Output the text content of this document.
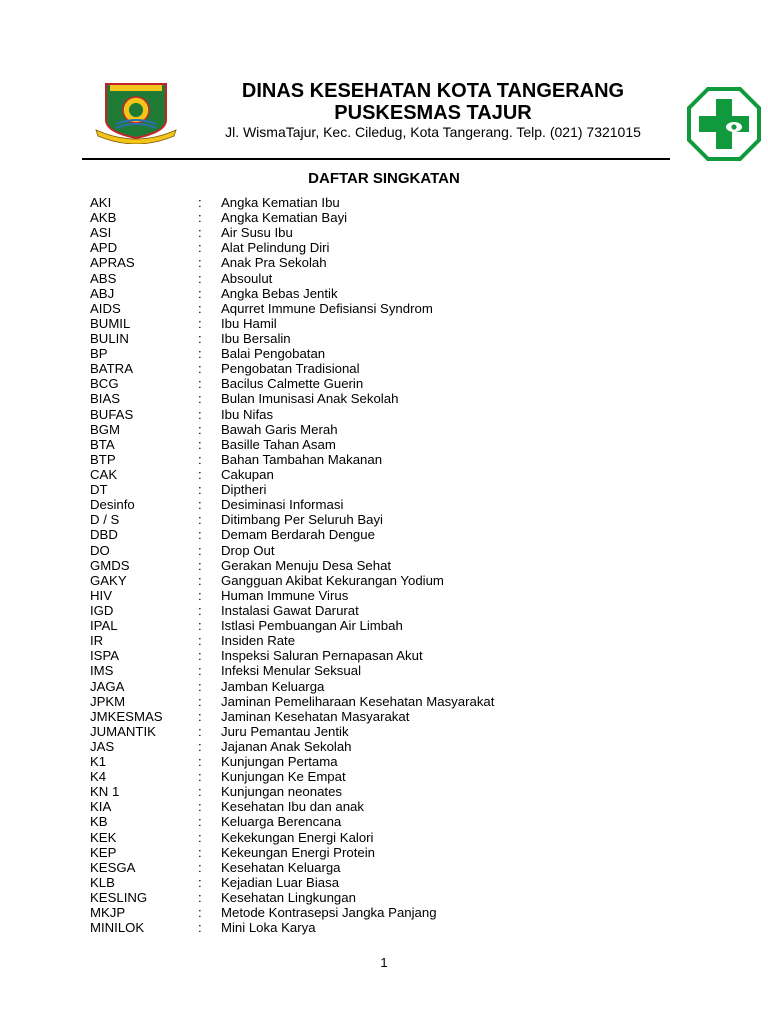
DINAS KESEHATAN KOTA TANGERANG
PUSKESMAS TAJUR
Jl. WismaTajur, Kec. Ciledug, Kota Tangerang. Telp. (021) 7321015
DAFTAR SINGKATAN
AKI	: Angka Kematian Ibu
AKB	: Angka Kematian Bayi
ASI	: Air Susu Ibu
APD	: Alat Pelindung Diri
APRAS	: Anak Pra Sekolah
ABS	: Absoulut
ABJ	: Angka Bebas Jentik
AIDS	: Aqurret Immune Defisiansi Syndrom
BUMIL	: Ibu Hamil
BULIN	: Ibu Bersalin
BP	: Balai Pengobatan
BATRA	: Pengobatan Tradisional
BCG	: Bacilus Calmette Guerin
BIAS	: Bulan Imunisasi Anak Sekolah
BUFAS	: Ibu Nifas
BGM	: Bawah Garis Merah
BTA	: Basille Tahan Asam
BTP	: Bahan Tambahan Makanan
CAK	: Cakupan
DT	: Diptheri
Desinfo	: Desiminasi Informasi
D / S	: Ditimbang Per Seluruh Bayi
DBD	: Demam Berdarah Dengue
DO	: Drop Out
GMDS	: Gerakan Menuju Desa Sehat
GAKY	: Gangguan Akibat Kekurangan Yodium
HIV	: Human Immune Virus
IGD	: Instalasi Gawat Darurat
IPAL	: Istlasi Pembuangan Air Limbah
IR	: Insiden Rate
ISPA	: Inspeksi Saluran Pernapasan Akut
IMS	: Infeksi Menular Seksual
JAGA	: Jamban Keluarga
JPKM	: Jaminan Pemeliharaan Kesehatan Masyarakat
JMKESMAS	: Jaminan Kesehatan Masyarakat
JUMANTIK	: Juru Pemantau Jentik
JAS	: Jajanan Anak Sekolah
K1	: Kunjungan Pertama
K4	: Kunjungan Ke Empat
KN 1	: Kunjungan neonates
KIA	: Kesehatan Ibu dan anak
KB	: Keluarga Berencana
KEK	: Kekekungan Energi Kalori
KEP	: Kekeungan Energi Protein
KESGA	: Kesehatan Keluarga
KLB	: Kejadian Luar Biasa
KESLING	: Kesehatan Lingkungan
MKJP	: Metode Kontrasepsi Jangka Panjang
MINILOK	: Mini Loka Karya
1
